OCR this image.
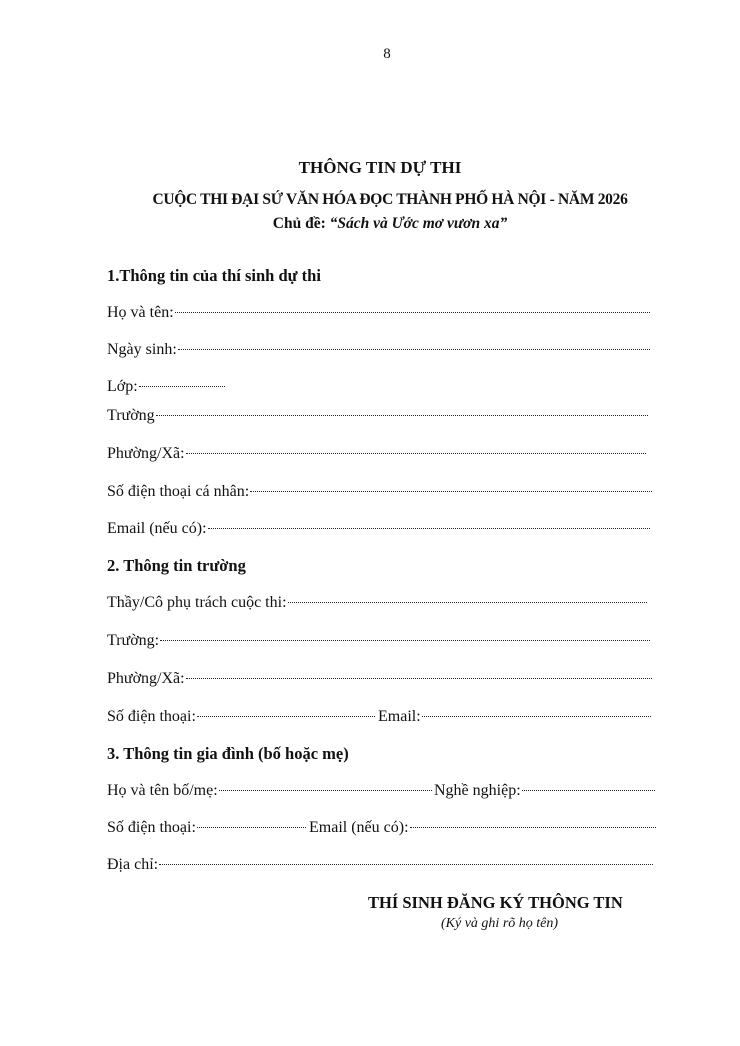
8
THÔNG TIN DỰ THI
CUỘC THI ĐẠI SỨ VĂN HÓA ĐỌC THÀNH PHỐ HÀ NỘI - NĂM 2026
Chủ đề: “Sách và Ước mơ vươn xa”
1.Thông tin của thí sinh dự thi
Họ và tên:
Ngày sinh:
Lớp:
Trường
Phường/Xã:
Số điện thoại cá nhân:
Email (nếu có):
2. Thông tin trường
Thầy/Cô phụ trách cuộc thi:
Trường:
Phường/Xã:
Số điện thoại:	Email:
3. Thông tin gia đình (bố hoặc mẹ)
Họ và tên bố/mẹ:	Nghề nghiệp:
Số điện thoại:	Email (nếu có):
Địa chỉ:
THÍ SINH ĐĂNG KÝ THÔNG TIN
(Ký và ghi rõ họ tên)
